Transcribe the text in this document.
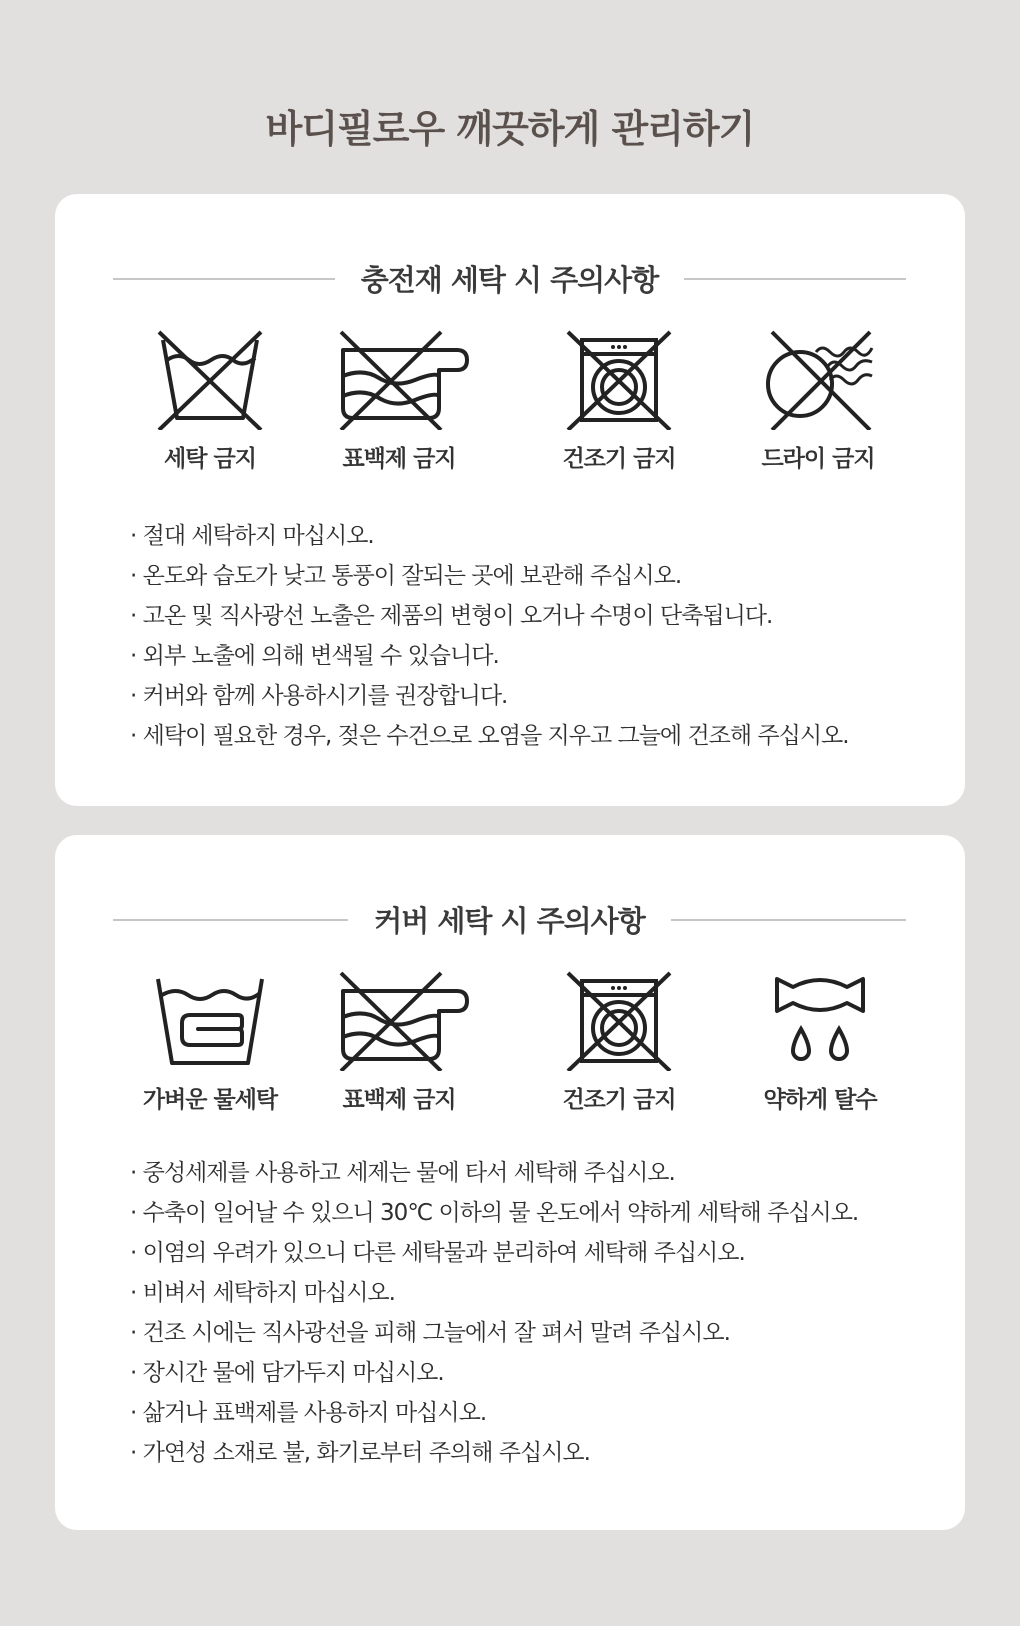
바디필로우 깨끗하게 관리하기
충전재 세탁 시 주의사항
세탁 금지	표백제 금지	건조기 금지	드라이 금지
· 절대 세탁하지 마십시오.
· 온도와 습도가 낮고 통풍이 잘되는 곳에 보관해 주십시오.
· 고온 및 직사광선 노출은 제품의 변형이 오거나 수명이 단축됩니다.
· 외부 노출에 의해 변색될 수 있습니다.
· 커버와 함께 사용하시기를 권장합니다.
· 세탁이 필요한 경우, 젖은 수건으로 오염을 지우고 그늘에 건조해 주십시오.
커버 세탁 시 주의사항
가벼운 물세탁	표백제 금지	건조기 금지	약하게 탈수
· 중성세제를 사용하고 세제는 물에 타서 세탁해 주십시오.
· 수축이 일어날 수 있으니 30℃ 이하의 물 온도에서 약하게 세탁해 주십시오.
· 이염의 우려가 있으니 다른 세탁물과 분리하여 세탁해 주십시오.
· 비벼서 세탁하지 마십시오.
· 건조 시에는 직사광선을 피해 그늘에서 잘 펴서 말려 주십시오.
· 장시간 물에 담가두지 마십시오.
· 삶거나 표백제를 사용하지 마십시오.
· 가연성 소재로 불, 화기로부터 주의해 주십시오.
